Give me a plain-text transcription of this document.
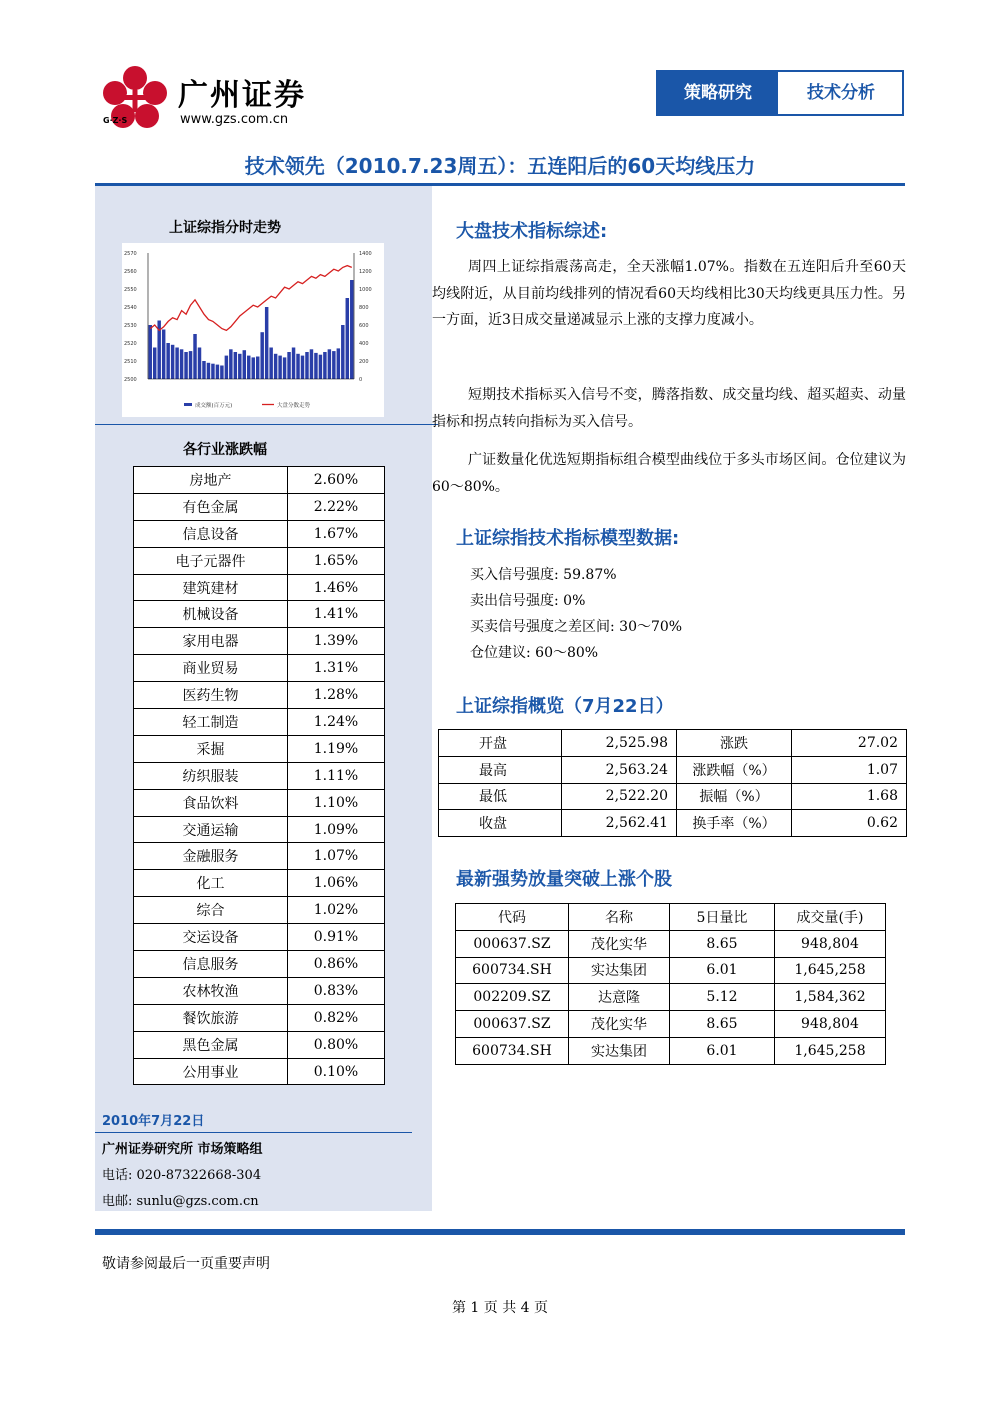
广州证券
G·Z·S	www.gzs.com.cn
策略研究	技术分析
技术领先（2010.7.23周五）：五连阳后的60天均线压力
上证综指分时走势
2570
2560
2550
2540
2530
2520
2510
2500
1400
1200
1000
800
600
400
200
0
成交额(百万元)	大盘分数走势
各行业涨跌幅
房地产	2.60%
有色金属	2.22%
信息设备	1.67%
电子元器件	1.65%
建筑建材	1.46%
机械设备	1.41%
家用电器	1.39%
商业贸易	1.31%
医药生物	1.28%
轻工制造	1.24%
采掘	1.19%
纺织服装	1.11%
食品饮料	1.10%
交通运输	1.09%
金融服务	1.07%
化工	1.06%
综合	1.02%
交运设备	0.91%
信息服务	0.86%
农林牧渔	0.83%
餐饮旅游	0.82%
黑色金属	0.80%
公用事业	0.10%
2010年7月22日
广州证券研究所 市场策略组
电话: 020-87322668-304
电邮: sunlu@gzs.com.cn
大盘技术指标综述:
周四上证综指震荡高走，全天涨幅1.07%。指数在五连阳后升至60天均线附近，从目前均线排列的情况看60天均线相比30天均线更具压力性。另一方面，近3日成交量递减显示上涨的支撑力度减小。
短期技术指标买入信号不变，腾落指数、成交量均线、超买超卖、动量指标和拐点转向指标为买入信号。
广证数量化优选短期指标组合模型曲线位于多头市场区间。仓位建议为60～80%。
上证综指技术指标模型数据:
买入信号强度: 59.87%
卖出信号强度: 0%
买卖信号强度之差区间: 30～70%
仓位建议: 60～80%
上证综指概览（7月22日）
开盘	2,525.98	涨跌	27.02
最高	2,563.24	涨跌幅（%）	1.07
最低	2,522.20	振幅（%）	1.68
收盘	2,562.41	换手率（%）	0.62
最新强势放量突破上涨个股
代码	名称	5日量比	成交量(手)
000637.SZ	茂化实华	8.65	948,804
600734.SH	实达集团	6.01	1,645,258
002209.SZ	达意隆	5.12	1,584,362
000637.SZ	茂化实华	8.65	948,804
600734.SH	实达集团	6.01	1,645,258
敬请参阅最后一页重要声明
第 1 页 共 4 页
